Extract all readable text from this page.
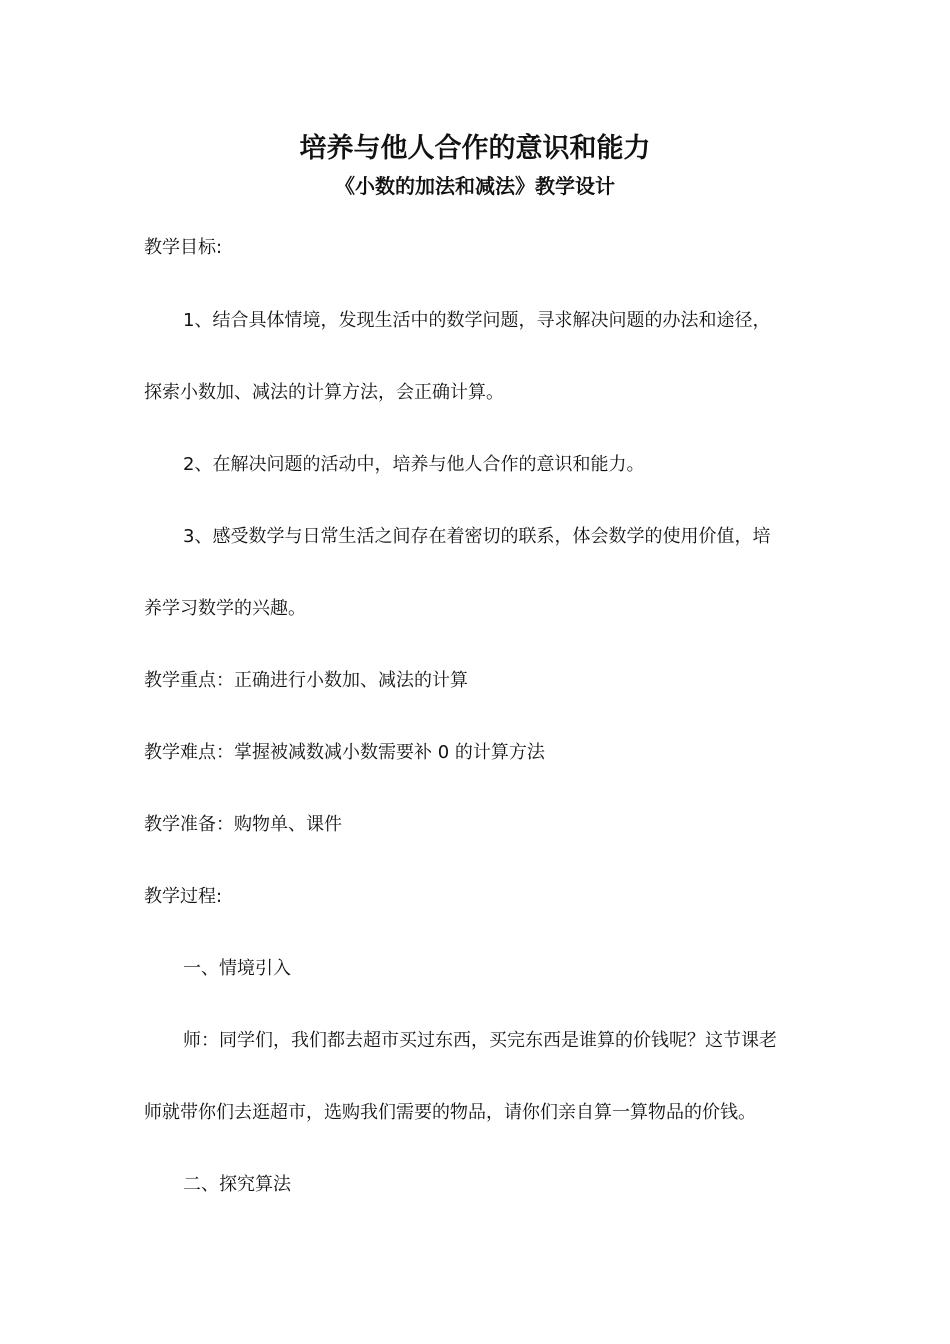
培养与他人合作的意识和能力
《小数的加法和减法》教学设计
教学目标:
1、结合具体情境，发现生活中的数学问题，寻求解决问题的办法和途径，
探索小数加、减法的计算方法，会正确计算。
2、在解决问题的活动中，培养与他人合作的意识和能力。
3、感受数学与日常生活之间存在着密切的联系，体会数学的使用价值，培
养学习数学的兴趣。
教学重点：正确进行小数加、减法的计算
教学难点：掌握被减数减小数需要补 0 的计算方法
教学准备：购物单、课件
教学过程:
一、情境引入
师：同学们，我们都去超市买过东西，买完东西是谁算的价钱呢？这节课老
师就带你们去逛超市，选购我们需要的物品，请你们亲自算一算物品的价钱。
二、探究算法
